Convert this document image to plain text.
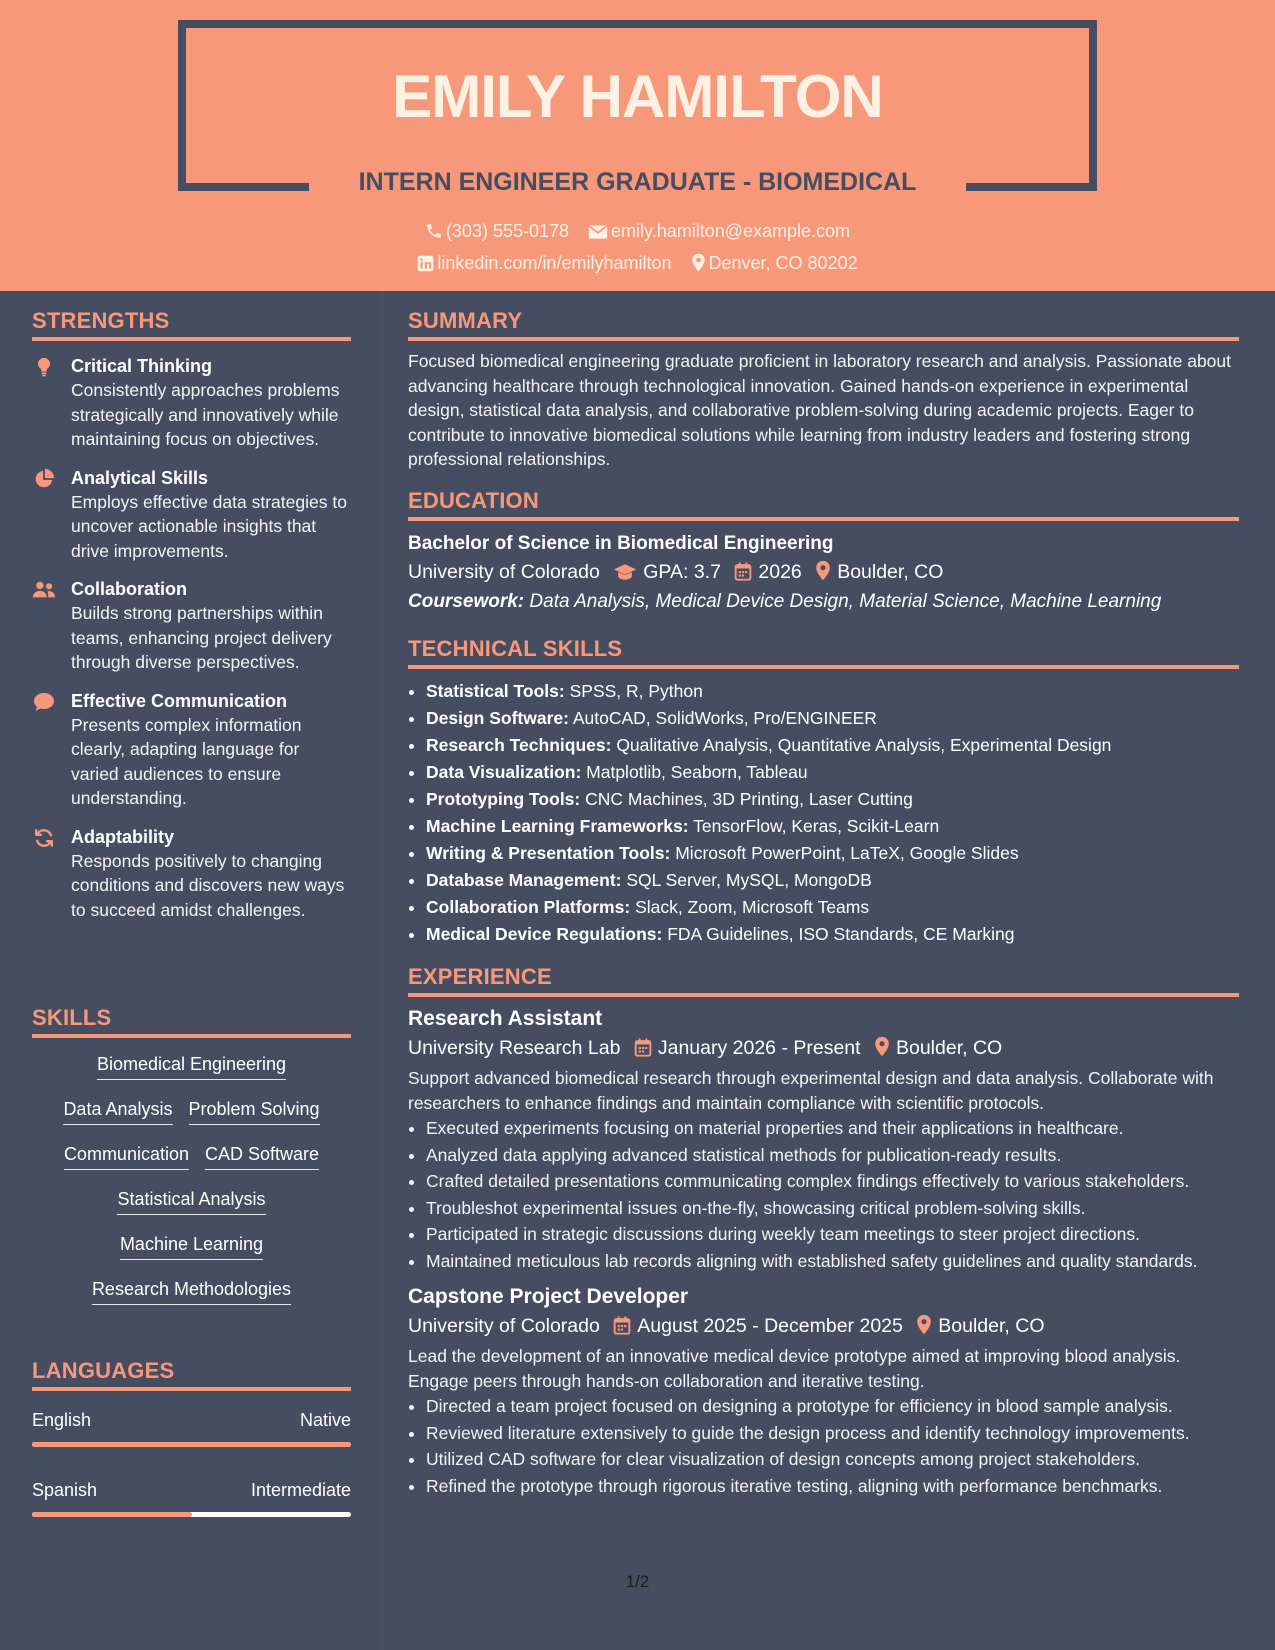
EMILY HAMILTON
INTERN ENGINEER GRADUATE - BIOMEDICAL
(303) 555-0178 emily.hamilton@example.com
linkedin.com/in/emilyhamilton Denver, CO 80202
STRENGTHS
Critical Thinking
Consistently approaches problems strategically and innovatively while maintaining focus on objectives.
Analytical Skills
Employs effective data strategies to uncover actionable insights that drive improvements.
Collaboration
Builds strong partnerships within teams, enhancing project delivery through diverse perspectives.
Effective Communication
Presents complex information clearly, adapting language for varied audiences to ensure understanding.
Adaptability
Responds positively to changing conditions and discovers new ways to succeed amidst challenges.
SKILLS
Biomedical Engineering
Data Analysis Problem Solving
Communication CAD Software
Statistical Analysis
Machine Learning
Research Methodologies
LANGUAGES
English	Native
Spanish	Intermediate
SUMMARY
Focused biomedical engineering graduate proficient in laboratory research and analysis. Passionate about advancing healthcare through technological innovation. Gained hands-on experience in experimental design, statistical data analysis, and collaborative problem-solving during academic projects. Eager to contribute to innovative biomedical solutions while learning from industry leaders and fostering strong professional relationships.
EDUCATION
Bachelor of Science in Biomedical Engineering
University of Colorado GPA: 3.7 2026 Boulder, CO
Coursework: Data Analysis, Medical Device Design, Material Science, Machine Learning
TECHNICAL SKILLS
• Statistical Tools: SPSS, R, Python
• Design Software: AutoCAD, SolidWorks, Pro/ENGINEER
• Research Techniques: Qualitative Analysis, Quantitative Analysis, Experimental Design
• Data Visualization: Matplotlib, Seaborn, Tableau
• Prototyping Tools: CNC Machines, 3D Printing, Laser Cutting
• Machine Learning Frameworks: TensorFlow, Keras, Scikit-Learn
• Writing & Presentation Tools: Microsoft PowerPoint, LaTeX, Google Slides
• Database Management: SQL Server, MySQL, MongoDB
• Collaboration Platforms: Slack, Zoom, Microsoft Teams
• Medical Device Regulations: FDA Guidelines, ISO Standards, CE Marking
EXPERIENCE
Research Assistant
University Research Lab January 2026 - Present Boulder, CO
Support advanced biomedical research through experimental design and data analysis. Collaborate with researchers to enhance findings and maintain compliance with scientific protocols.
• Executed experiments focusing on material properties and their applications in healthcare.
• Analyzed data applying advanced statistical methods for publication-ready results.
• Crafted detailed presentations communicating complex findings effectively to various stakeholders.
• Troubleshot experimental issues on-the-fly, showcasing critical problem-solving skills.
• Participated in strategic discussions during weekly team meetings to steer project directions.
• Maintained meticulous lab records aligning with established safety guidelines and quality standards.
Capstone Project Developer
University of Colorado August 2025 - December 2025 Boulder, CO
Lead the development of an innovative medical device prototype aimed at improving blood analysis. Engage peers through hands-on collaboration and iterative testing.
• Directed a team project focused on designing a prototype for efficiency in blood sample analysis.
• Reviewed literature extensively to guide the design process and identify technology improvements.
• Utilized CAD software for clear visualization of design concepts among project stakeholders.
• Refined the prototype through rigorous iterative testing, aligning with performance benchmarks.
1/2
